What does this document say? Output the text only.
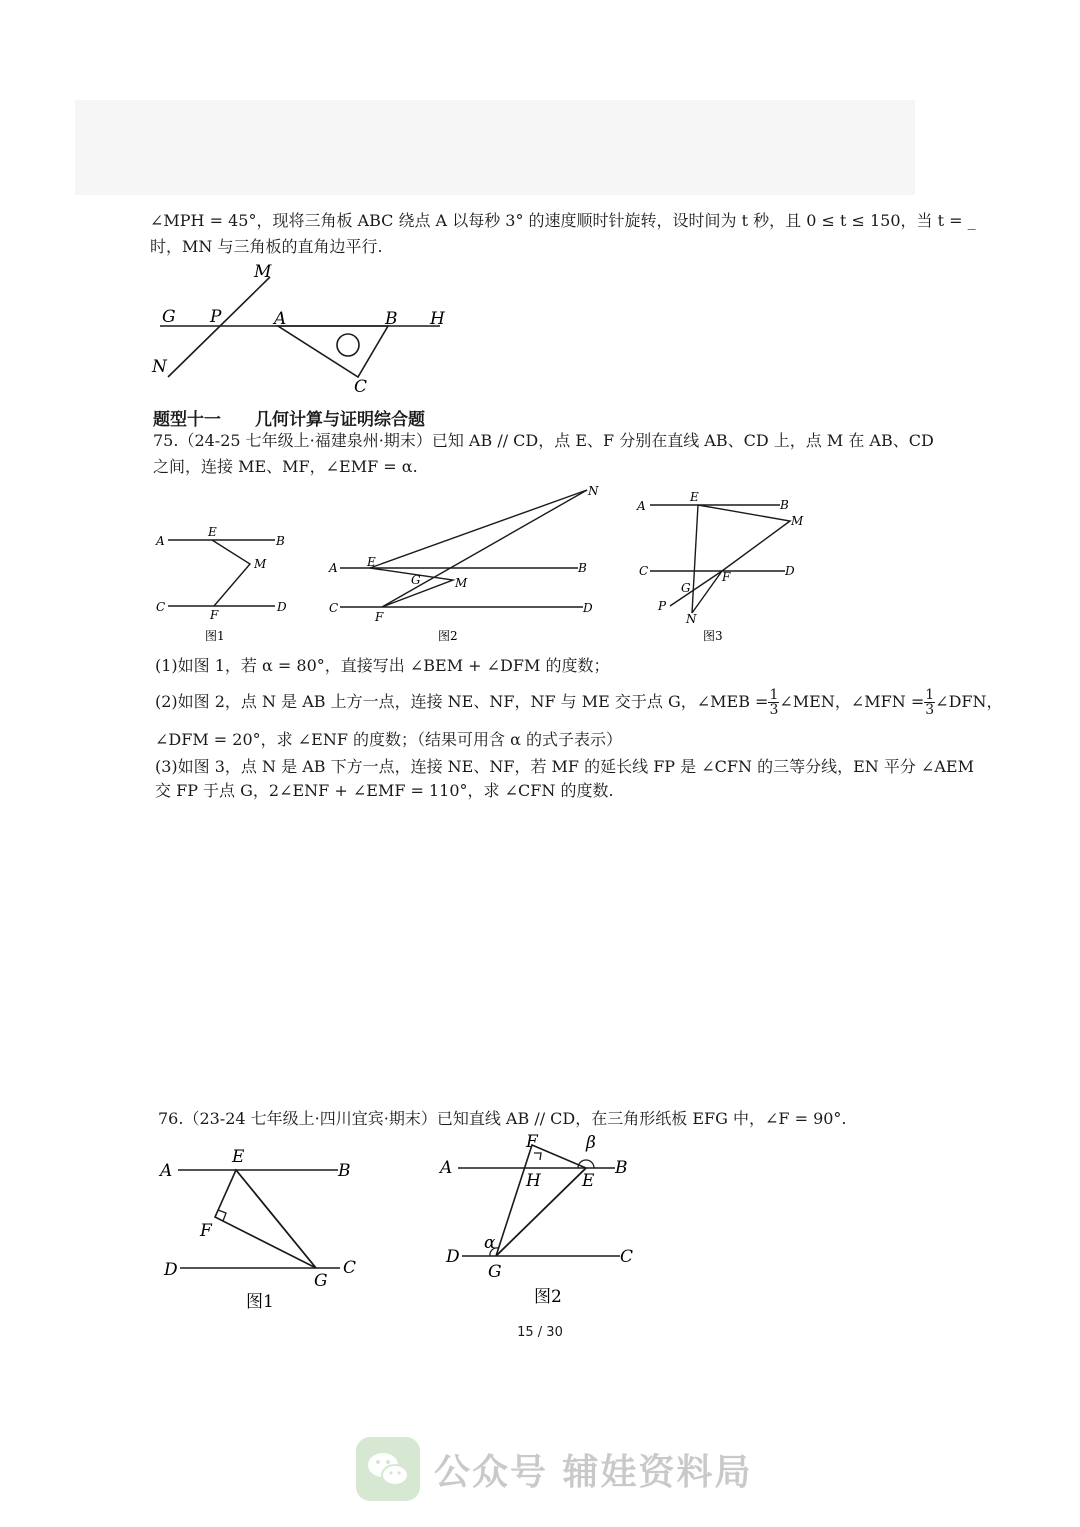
∠MPH = 45°，现将三角板 ABC 绕点 A 以每秒 3° 的速度顺时针旋转，设时间为 t 秒，且 0 ≤ t ≤ 150，当 t = _
时，MN 与三角板的直角边平行.
M
G P	A	B H
N
C
题型十一　　几何计算与证明综合题
75.（24-25 七年级上·福建泉州·期末）已知 AB // CD，点 E、F 分别在直线 AB、CD 上，点 M 在 AB、CD
之间，连接 ME、MF，∠EMF = α.
A
E
B
M
C
F
D
图1
N
A E	B
G	M
C
F
D
图2
A
E
B
M
C	F	D
G
P
N
图3
(1)如图 1，若 α = 80°，直接写出 ∠BEM + ∠DFM 的度数；
(2)如图 2，点 N 是 AB 上方一点，连接 NE、NF，NF 与 ME 交于点 G，∠MEB = $\frac{1}{3}$ ∠MEN，∠MFN = $\frac{1}{3}$ ∠DFN，
∠DFM = 20°，求 ∠ENF 的度数；（结果可用含 α 的式子表示）
(3)如图 3，点 N 是 AB 下方一点，连接 NE、NF，若 MF 的延长线 FP 是 ∠CFN 的三等分线，EN 平分 ∠AEM
交 FP 于点 G，2∠ENF + ∠EMF = 110°，求 ∠CFN 的度数.
76.（23-24 七年级上·四川宜宾·期末）已知直线 AB // CD，在三角形纸板 EFG 中，∠F = 90°.
A
E
B
F
D
G
C
图1
F	β
A	B
H E
α
D
G
C
图2
15 / 30
公众号 辅娃资料局
